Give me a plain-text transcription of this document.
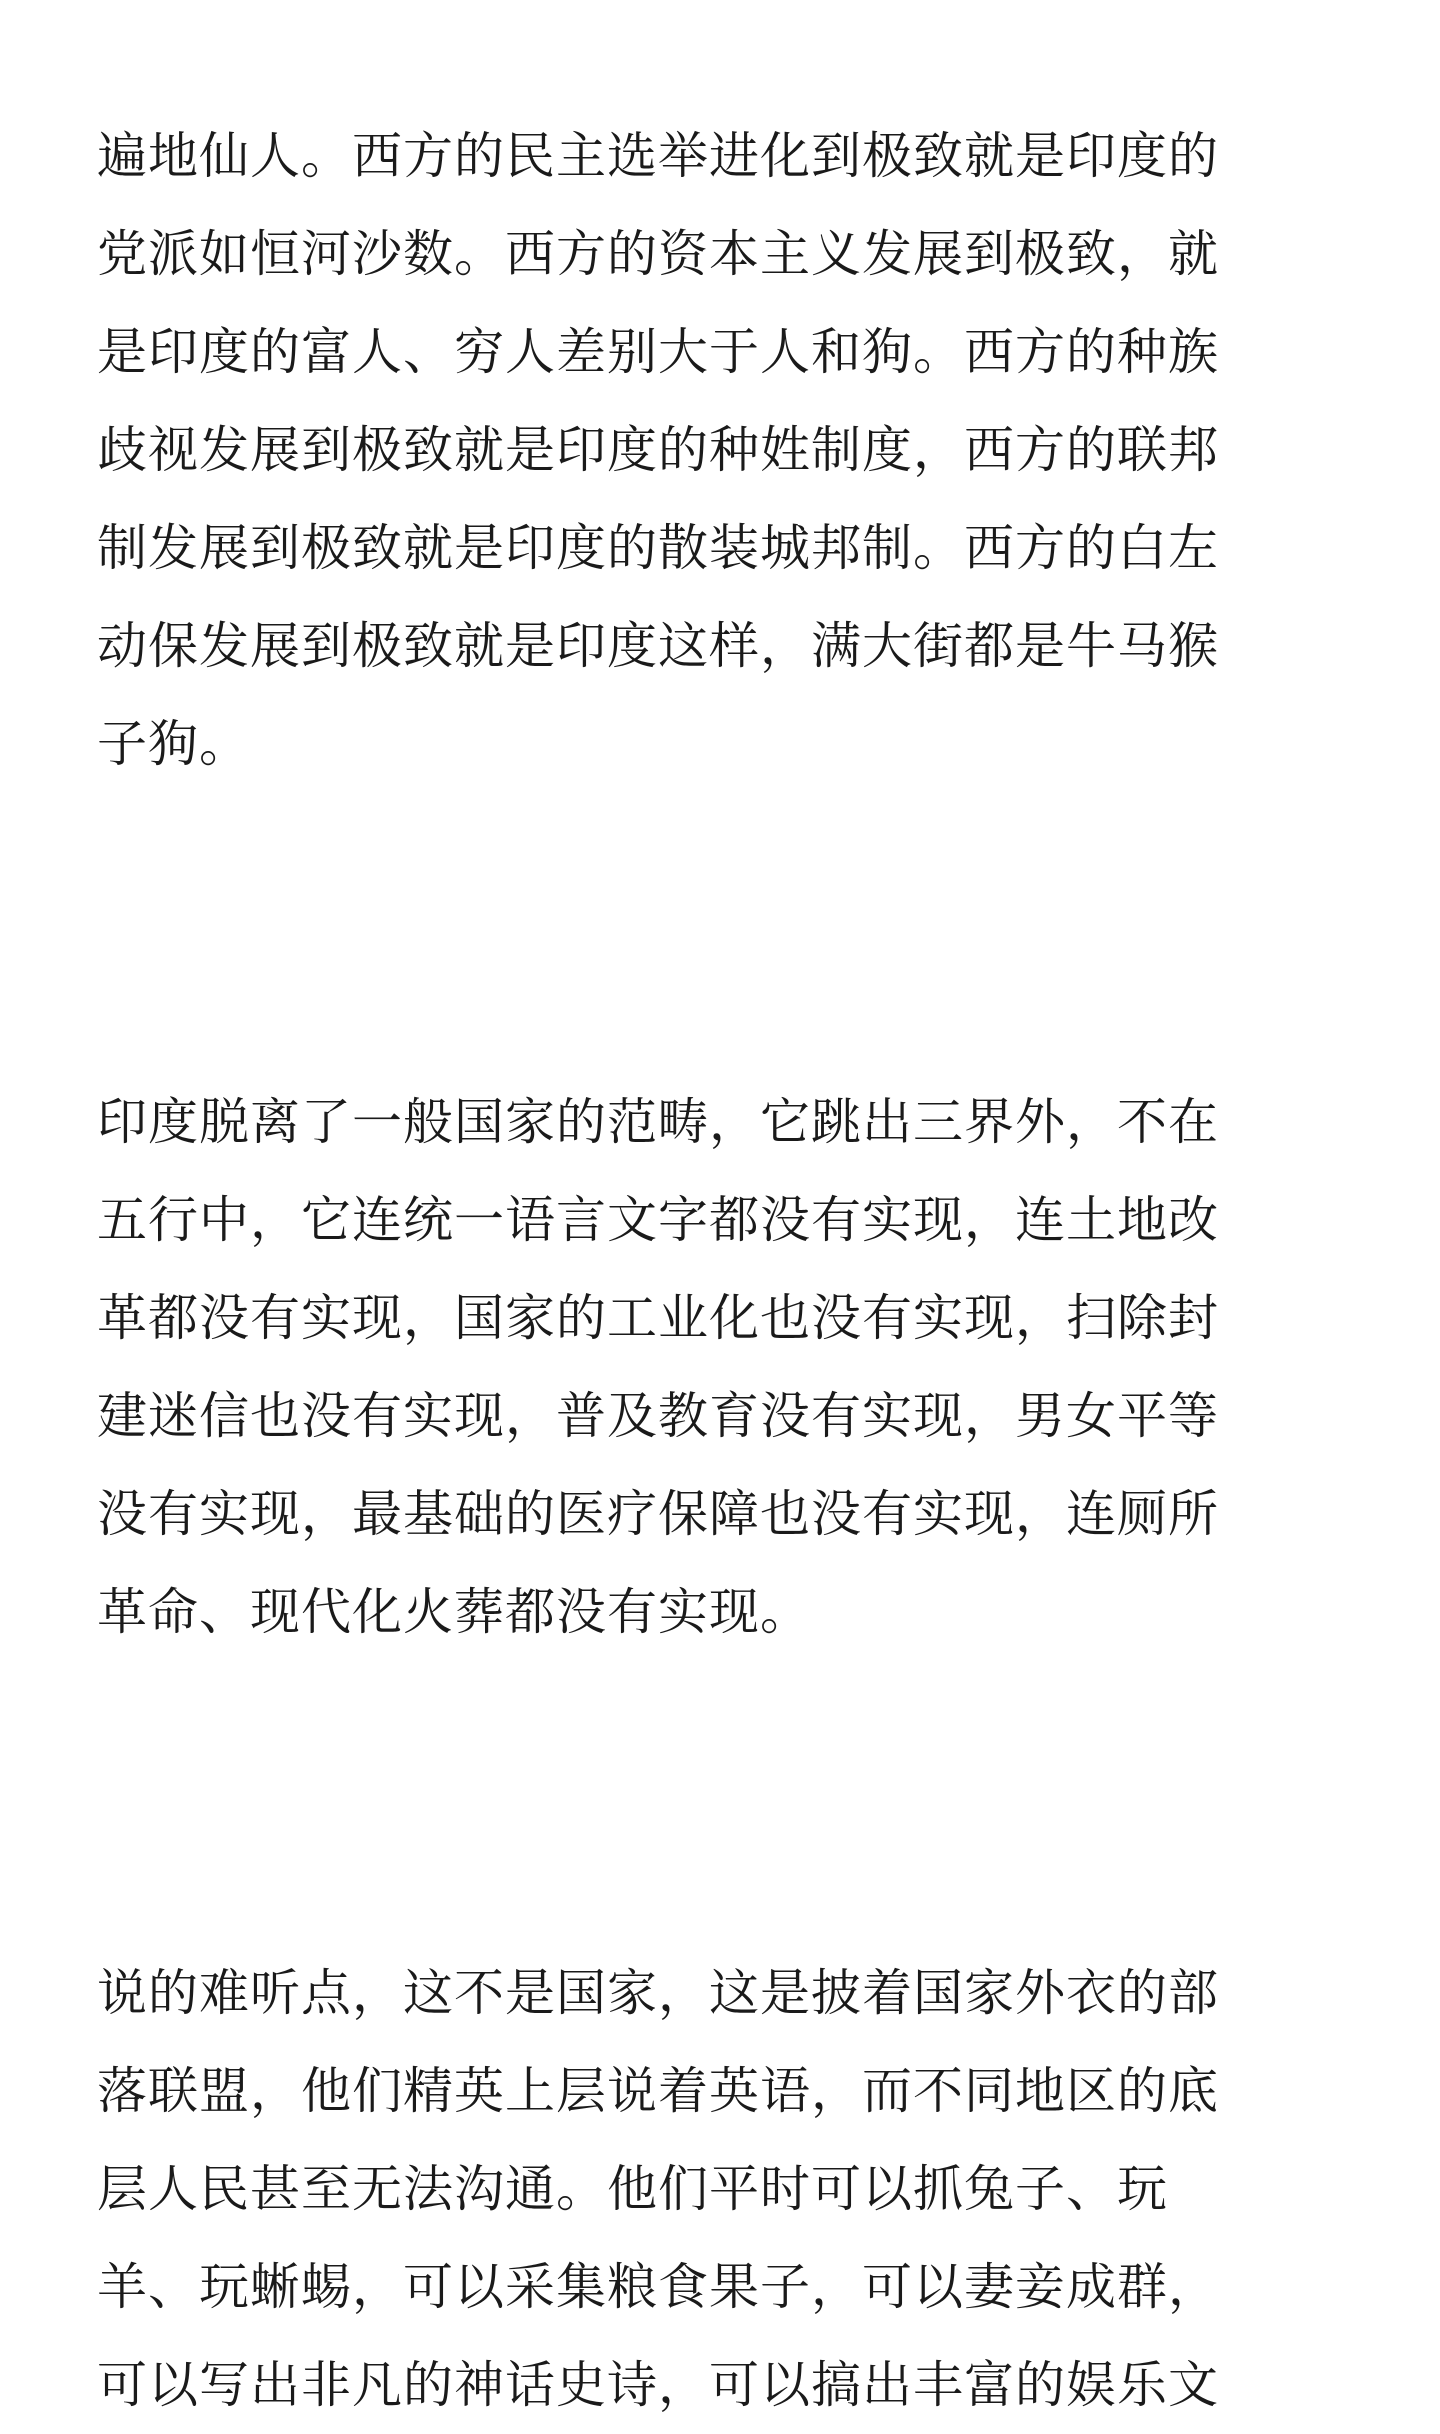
遍地仙人。西方的民主选举进化到极致就是印度的
党派如恒河沙数。西方的资本主义发展到极致，就
是印度的富人、穷人差别大于人和狗。西方的种族
歧视发展到极致就是印度的种姓制度，西方的联邦
制发展到极致就是印度的散装城邦制。西方的白左
动保发展到极致就是印度这样，满大街都是牛马猴
子狗。

印度脱离了一般国家的范畴，它跳出三界外，不在
五行中，它连统一语言文字都没有实现，连土地改
革都没有实现，国家的工业化也没有实现，扫除封
建迷信也没有实现，普及教育没有实现，男女平等
没有实现，最基础的医疗保障也没有实现，连厕所
革命、现代化火葬都没有实现。

说的难听点，这不是国家，这是披着国家外衣的部
落联盟，他们精英上层说着英语，而不同地区的底
层人民甚至无法沟通。他们平时可以抓兔子、玩
羊、玩蜥蜴，可以采集粮食果子，可以妻妾成群，
可以写出非凡的神话史诗，可以搞出丰富的娱乐文
